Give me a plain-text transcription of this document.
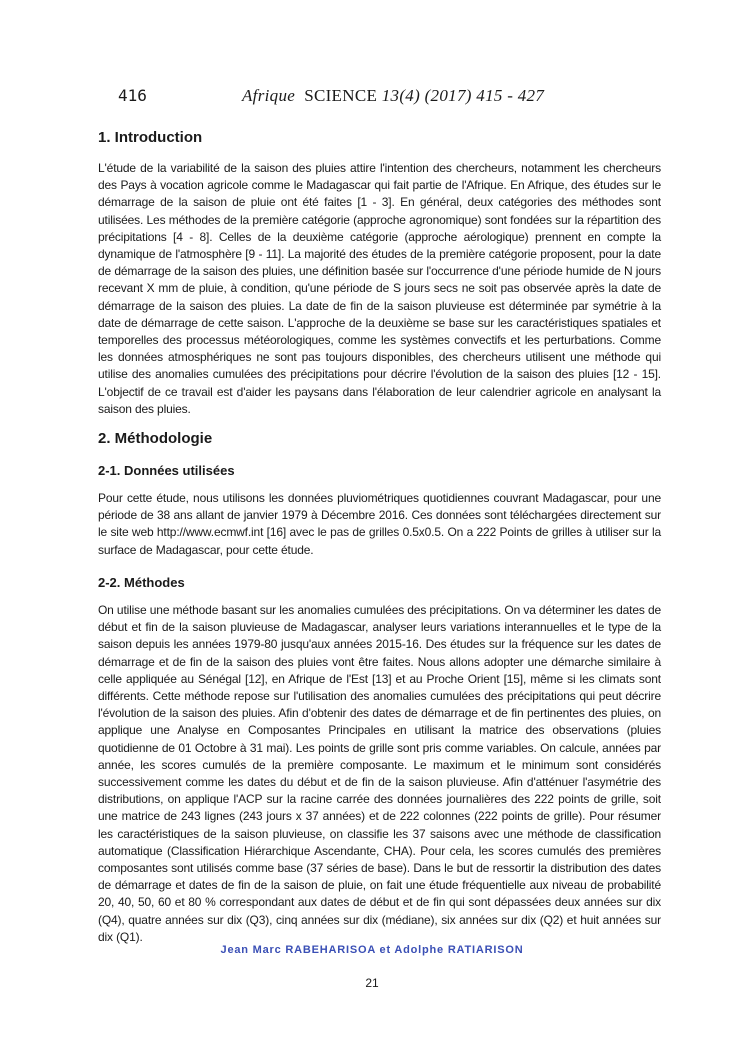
416	Afrique SCIENCE 13(4) (2017) 415 - 427
1. Introduction

L'étude de la variabilité de la saison des pluies attire l'intention des chercheurs, notamment les chercheurs des Pays à vocation agricole comme le Madagascar qui fait partie de l'Afrique. En Afrique, des études sur le démarrage de la saison de pluie ont été faites [1 - 3]. En général, deux catégories des méthodes sont utilisées. Les méthodes de la première catégorie (approche agronomique) sont fondées sur la répartition des précipitations [4 - 8]. Celles de la deuxième catégorie (approche aérologique) prennent en compte la dynamique de l'atmosphère [9 - 11]. La majorité des études de la première catégorie proposent, pour la date de démarrage de la saison des pluies, une définition basée sur l'occurrence d'une période humide de N jours recevant X mm de pluie, à condition, qu'une période de S jours secs ne soit pas observée après la date de démarrage de la saison des pluies. La date de fin de la saison pluvieuse est déterminée par symétrie à la date de démarrage de cette saison. L'approche de la deuxième se base sur les caractéristiques spatiales et temporelles des processus météorologiques, comme les systèmes convectifs et les perturbations. Comme les données atmosphériques ne sont pas toujours disponibles, des chercheurs utilisent une méthode qui utilise des anomalies cumulées des précipitations pour décrire l'évolution de la saison des pluies [12 - 15]. L'objectif de ce travail est d'aider les paysans dans l'élaboration de leur calendrier agricole en analysant la saison des pluies.

2. Méthodologie
2-1. Données utilisées

Pour cette étude, nous utilisons les données pluviométriques quotidiennes couvrant Madagascar, pour une période de 38 ans allant de janvier 1979 à Décembre 2016. Ces données sont téléchargées directement sur le site web http://www.ecmwf.int [16] avec le pas de grilles 0.5x0.5. On a 222 Points de grilles à utiliser sur la surface de Madagascar, pour cette étude.

2-2. Méthodes

On utilise une méthode basant sur les anomalies cumulées des précipitations. On va déterminer les dates de début et fin de la saison pluvieuse de Madagascar, analyser leurs variations interannuelles et le type de la saison depuis les années 1979-80 jusqu'aux années 2015-16. Des études sur la fréquence sur les dates de démarrage et de fin de la saison des pluies vont être faites. Nous allons adopter une démarche similaire à celle appliquée au Sénégal [12], en Afrique de l'Est [13] et au Proche Orient [15], même si les climats sont différents. Cette méthode repose sur l'utilisation des anomalies cumulées des précipitations qui peut décrire l'évolution de la saison des pluies. Afin d'obtenir des dates de démarrage et de fin pertinentes des pluies, on applique une Analyse en Composantes Principales en utilisant la matrice des observations (pluies quotidienne de 01 Octobre à 31 mai). Les points de grille sont pris comme variables. On calcule, années par année, les scores cumulés de la première composante. Le maximum et le minimum sont considérés successivement comme les dates du début et de fin de la saison pluvieuse. Afin d'atténuer l'asymétrie des distributions, on applique l'ACP sur la racine carrée des données journalières des 222 points de grille, soit une matrice de 243 lignes (243 jours x 37 années) et de 222 colonnes (222 points de grille). Pour résumer les caractéristiques de la saison pluvieuse, on classifie les 37 saisons avec une méthode de classification automatique (Classification Hiérarchique Ascendante, CHA). Pour cela, les scores cumulés des premières composantes sont utilisés comme base (37 séries de base). Dans le but de ressortir la distribution des dates de démarrage et dates de fin de la saison de pluie, on fait une étude fréquentielle aux niveau de probabilité 20, 40, 50, 60 et 80 % correspondant aux dates de début et de fin qui sont dépassées deux années sur dix (Q4), quatre années sur dix (Q3), cinq années sur dix (médiane), six années sur dix (Q2) et huit années sur dix (Q1).

Jean Marc RABEHARISOA et Adolphe RATIARISON
21
